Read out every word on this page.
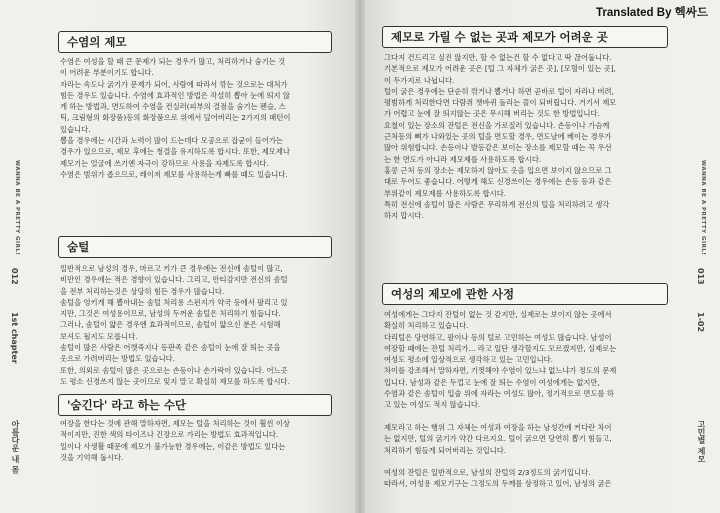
WANNA BE A PRETTY GIRL!
012
1st chapter
아름다운 내 몸
수염의 제모
수염은 여성을 할 때 큰 문제가 되는 경우가 많고, 처리하거나 숨기는 것
이 어려운 부분이기도 합니다.
자라는 속도나 굵기가 문제가 되어, 사람에 따라서 깎는 것으로는 대처가
힘든 경우도 있습니다. 수염에 효과적인 방법은 작설히 뽑아 눈에 띄지 않
게 하는 방법과, 면도하여 수염을 컨실러(피부의 결점을 숨기는 펜슬, 스
틱, 크림형의 화장품)등의 화장품으로 위에서 덮어버리는 2가지의 패턴이
있습니다.
뽑을 경우에는 시간과 노력이 많이 드는데다 모공으로 잡균이 들어가는
경우가 있으므로, 제모 후에는 청결을 유지하도록 합시다. 또한, 제모제나
제모기는 얼굴에 쓰기엔 자극이 강하므로 사용을 자제도록 합시다.
수염은 범위가 좁으므로, 레이저 제모를 사용하는게 빠를 때도 있습니다.
숨털
일반적으로 남성의 경우, 마르고 키가 큰 경우에는 전신에 솜털이 많고,
비만인 경우에는 적은 경향이 있습니다. 그리고, 안티감지만 전신의 솜털
을 전부 처리하는것은 상당히 힘든 경우가 많습니다.
솜털을 엉키게 해 뽑아내는 솜털 처리용 스펀지가 약국 등에서 팔리고 있
지만, 그것은 여성용이므로, 남성의 두꺼운 솜털은 처리하기 힘듭니다.
그러나, 솜털이 얇은 경우엔 효과적이므로, 솜털이 얇으신 분은 시험해
보셔도 될지도 모릅니다.
솜털이 많은 사람은 어깻죽지나 등판족 같은 솜털이 눈에 잘 띄는 곳을
옷으로 가려버리는 방법도 있습니다.
또한, 의외로 솜털이 많은 곳으로는 손등이나 손가락이 있습니다. 어느곳
도 평소 신경쓰지 않는 곳이므로 잊지 말고 확실히 제모를 하도록 합시다.
'숨긴다' 라고 하는 수단
여장을 한다는 것에 관해 말하자면, 제모는 털을 처리하는 것이 훨씬 이상
적이지만, 진한 색의 타이즈나 긴장으로 가리는 방법도 효과적입니다.
일이나 사생활 때문에 제모가 불가능한 경우에는, 이같은 방법도 있다는
것을 기억해 둡시다.
제모로 가릴 수 없는 곳과 제모가 어려운 곳
그다지 건드리고 싶진 않지만, 할 수 없는건 할 수 없다고 딱 끊어둡니다.
기본적으로 제모가 어려운 곳은 [털 그 자체가 굵은 곳], [모혈이 있는 곳],
이 두가지로 나뉩니다.
털이 굵은 경우에는 단순히 깎거나 뽑거나 하면 곧바로 털이 자라나 버려,
평범하게 처리한다면 다람쥐 쳇바퀴 돌리는 꼴이 되버립니다. 거기서 제모
가 어렵고 눈에 잘 띄지않는 곳은 무시해 버리는 것도 한 방법입니다.
요철이 있는 장소의 잔털은 전신을 가로질러 있습니다. 손등이나 가슴께
근처등의 뼈가 나와있는 곳의 털을 면도할 경우, 면도날에 베이는 경우가
많아 위험합니다. 손등이나 발등같은 보이는 장소를 제모할 때는 꼭 우선
는 한 면도가 아니라 제모제를 사용하도록 합시다.
홍콩 근처 등의 장소는 제모하지 않아도 옷을 입으면 보이지 않으므로 그
대로 두어도 좋습니다. 어떻게 해도 신경쓰이는 경우에는 손등 등과 같은
부위같이 제모제를 사용하도록 합시다.
특히 전신에 솜털이 많은 사람은 무리하게 전신의 털을 처리하려고 생각
하지 맙시다.
여성의 제모에 관한 사정
여성에게는 그다지 잔털이 없는 것 같지만, 실제로는 보이지 않는 곳에서
확실히 처리하고 있습니다.
다리털은 당연하고, 팔이나 등의 털로 고민하는 여성도 많습니다. 남성이
여장할 때에는 잔털 처리가... 라고 일단 생각할지도 모르겠지만, 실제로는
여성도 평소에 일상적으로 생각하고 있는 고민입니다.
차이를 강조해서 말하자면, 기껏해야 수염이 있느냐 없느냐가 정도의 문제
입니다. 남성과 같은 두껍고 눈에 잘 띄는 수염이 여성에게는 없지만,
수염과 같은 솜털이 입술 위에 자라는 여성도 많아, 정기적으로 면도를 하
고 있는 여성도 적지 않습니다.

제모라고 하는 행위 그 자체는 여성과 여장을 하는 남성간에 커다란 차이
는 없지만, 털의 굵기가 약간 다르지요. 털이 굵으면 당연히 뽑기 힘들고,
처리하기 힘들게 되어버리는 것입니다.

여성의 잔털은 일반적으로, 남성의 잔털의 2/3정도의 굵기입니다.
따라서, 여성용 제모기구는 그정도의 두께를 상정하고 있어, 남성의 굵은
WANNA BE A PRETTY GIRL!
013
1-02
고민별 제모
Translated By 헥싸드
